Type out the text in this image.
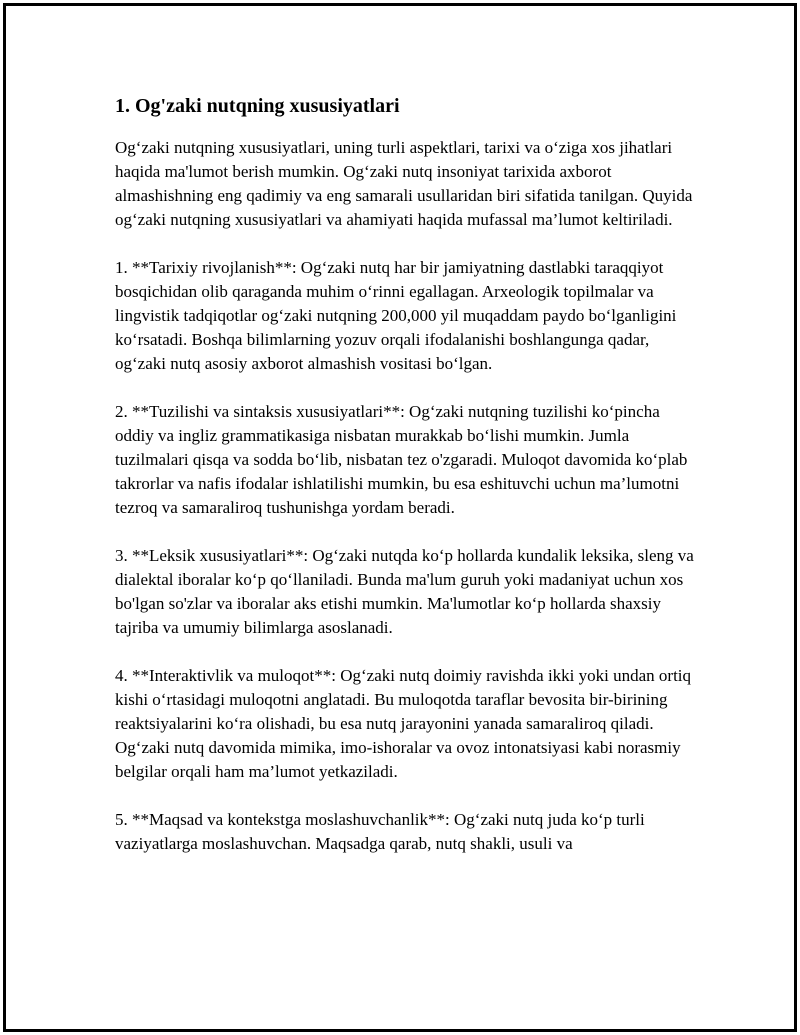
1. Og'zaki nutqning xususiyatlari

Og‘zaki nutqning xususiyatlari, uning turli aspektlari, tarixi va o‘ziga xos jihatlari haqida ma'lumot berish mumkin. Og‘zaki nutq insoniyat tarixida axborot almashishning eng qadimiy va eng samarali usullaridan biri sifatida tanilgan. Quyida og‘zaki nutqning xususiyatlari va ahamiyati haqida mufassal ma’lumot keltiriladi.

1. **Tarixiy rivojlanish**: Og‘zaki nutq har bir jamiyatning dastlabki taraqqiyot bosqichidan olib qaraganda muhim o‘rinni egallagan. Arxeologik topilmalar va lingvistik tadqiqotlar og‘zaki nutqning 200,000 yil muqaddam paydo bo‘lganligini ko‘rsatadi. Boshqa bilimlarning yozuv orqali ifodalanishi boshlangunga qadar, og‘zaki nutq asosiy axborot almashish vositasi bo‘lgan.

2. **Tuzilishi va sintaksis xususiyatlari**: Og‘zaki nutqning tuzilishi ko‘pincha oddiy va ingliz grammatikasiga nisbatan murakkab bo‘lishi mumkin. Jumla tuzilmalari qisqa va sodda bo‘lib, nisbatan tez o'zgaradi. Muloqot davomida ko‘plab takrorlar va nafis ifodalar ishlatilishi mumkin, bu esa eshituvchi uchun ma’lumotni tezroq va samaraliroq tushunishga yordam beradi.

3. **Leksik xususiyatlari**: Og‘zaki nutqda ko‘p hollarda kundalik leksika, sleng va dialektal iboralar ko‘p qo‘llaniladi. Bunda ma'lum guruh yoki madaniyat uchun xos bo'lgan so'zlar va iboralar aks etishi mumkin. Ma'lumotlar ko‘p hollarda shaxsiy tajriba va umumiy bilimlarga asoslanadi.

4. **Interaktivlik va muloqot**: Og‘zaki nutq doimiy ravishda ikki yoki undan ortiq kishi o‘rtasidagi muloqotni anglatadi. Bu muloqotda taraflar bevosita bir-birining reaktsiyalarini ko‘ra olishadi, bu esa nutq jarayonini yanada samaraliroq qiladi. Og‘zaki nutq davomida mimika, imo-ishoralar va ovoz intonatsiyasi kabi norasmiy belgilar orqali ham ma’lumot yetkaziladi.

5. **Maqsad va kontekstga moslashuvchanlik**: Og‘zaki nutq juda ko‘p turli vaziyatlarga moslashuvchan. Maqsadga qarab, nutq shakli, usuli va
